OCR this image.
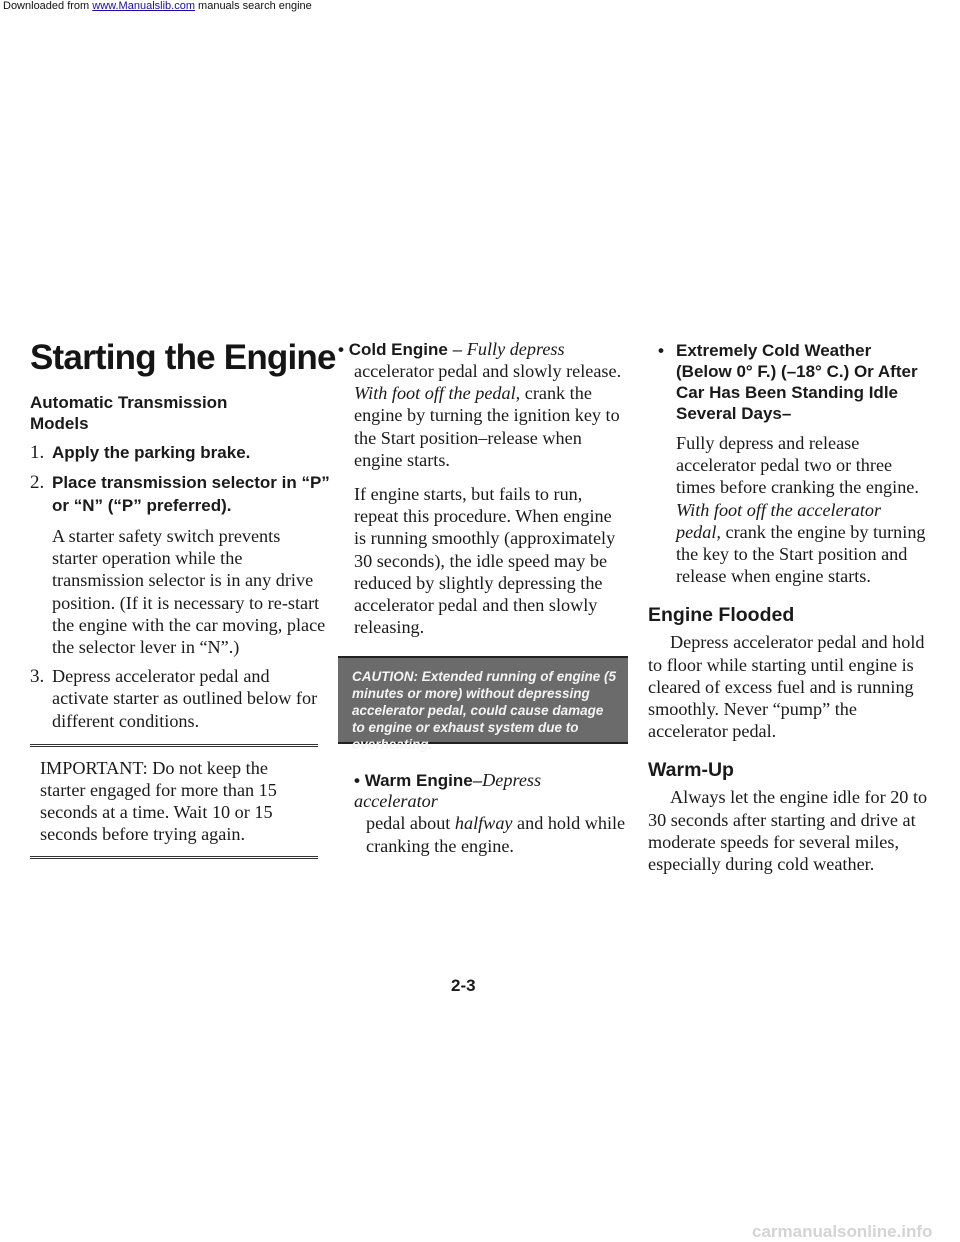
Downloaded from www.Manualslib.com manuals search engine
Starting the Engine
Automatic Transmission Models
1. Apply the parking brake.
2. Place transmission selector in “P” or “N” (“P” preferred).
A starter safety switch prevents starter operation while the transmission selector is in any drive position. (If it is necessary to re-start the engine with the car moving, place the selector lever in “N”.)
3. Depress accelerator pedal and activate starter as outlined below for different conditions.
IMPORTANT: Do not keep the starter engaged for more than 15 seconds at a time. Wait 10 or 15 seconds before trying again.
• Cold Engine – Fully depress
accelerator pedal and slowly release. With foot off the pedal, crank the engine by turning the ignition key to the Start position–release when engine starts.
If engine starts, but fails to run, repeat this procedure. When engine is running smoothly (approximately 30 seconds), the idle speed may be reduced by slightly depressing the accelerator pedal and then slowly releasing.
CAUTION: Extended running of engine (5 minutes or more) without depressing accelerator pedal, could cause damage to engine or exhaust system due to overheating.
• Warm Engine–Depress accelerator
pedal about halfway and hold while cranking the engine.
• Extremely Cold Weather (Below 0° F.) (–18° C.) Or After Car Has Been Standing Idle Several Days–
Fully depress and release accelerator pedal two or three times before cranking the engine. With foot off the accelerator pedal, crank the engine by turning the key to the Start position and release when engine starts.
Engine Flooded
Depress accelerator pedal and hold to floor while starting until engine is cleared of excess fuel and is running smoothly. Never “pump” the accelerator pedal.
Warm-Up
Always let the engine idle for 20 to 30 seconds after starting and drive at moderate speeds for several miles, especially during cold weather.
2-3
carmanualsonline.info
